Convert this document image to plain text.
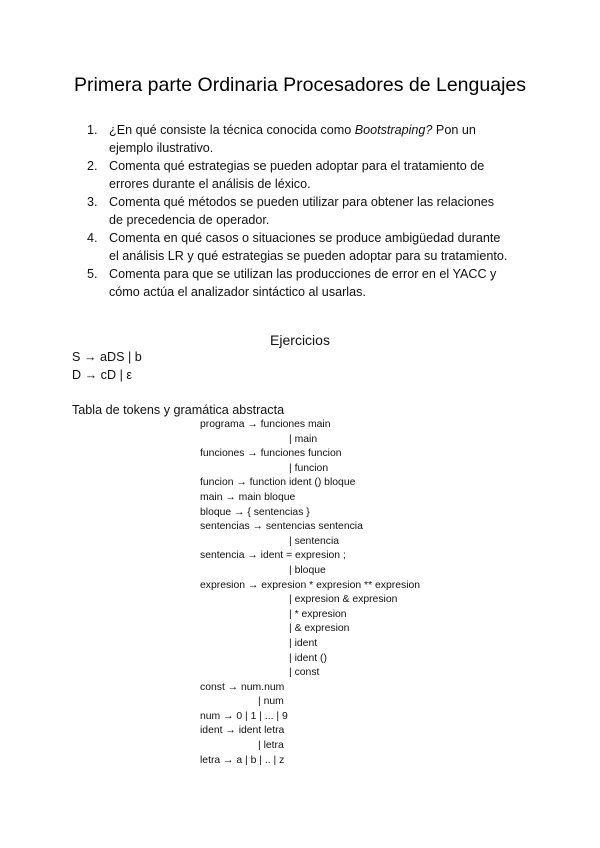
Primera parte Ordinaria Procesadores de Lenguajes
1. ¿En qué consiste la técnica conocida como Bootstraping? Pon un
ejemplo ilustrativo.
2. Comenta qué estrategias se pueden adoptar para el tratamiento de
errores durante el análisis de léxico.
3. Comenta qué métodos se pueden utilizar para obtener las relaciones
de precedencia de operador.
4. Comenta en qué casos o situaciones se produce ambigüedad durante
el análisis LR y qué estrategias se pueden adoptar para su tratamiento.
5. Comenta para que se utilizan las producciones de error en el YACC y
cómo actúa el analizador sintáctico al usarlas.
Ejercicios
S → aDS | b
D → cD | ε
Tabla de tokens y gramática abstracta
programa → funciones main
| main
funciones → funciones funcion
| funcion
funcion → function ident () bloque
main → main bloque
bloque → { sentencias }
sentencias → sentencias sentencia
| sentencia
sentencia → ident = expresion ;
| bloque
expresion → expresion * expresion ** expresion
| expresion & expresion
| * expresion
| & expresion
| ident
| ident ()
| const
const → num.num
| num
num → 0 | 1 | ... | 9
ident → ident letra
| letra
letra → a | b | .. | z
